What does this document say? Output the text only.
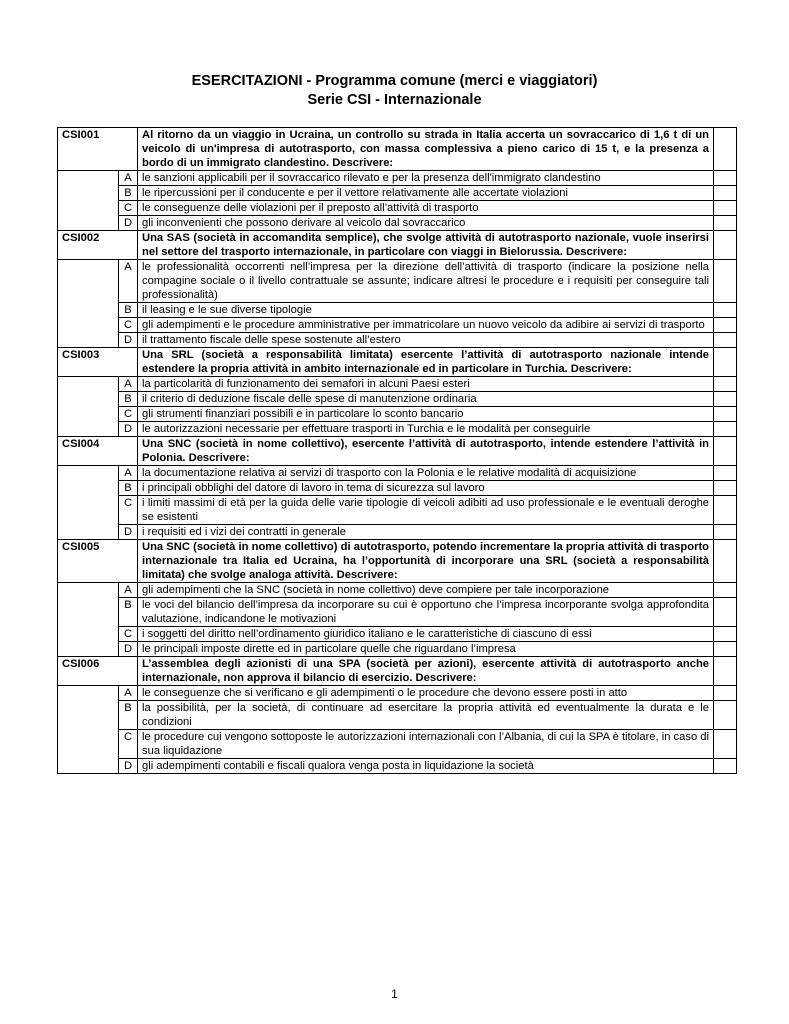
ESERCITAZIONI - Programma comune (merci e viaggiatori)
Serie CSI - Internazionale
CSI001		Al ritorno da un viaggio in Ucraina, un controllo su strada in Italia accerta un sovraccarico di 1,6 t di un veicolo di un'impresa di autotrasporto, con massa complessiva a pieno carico di 15 t, e la presenza a bordo di un immigrato clandestino. Descrivere:	
	A	le sanzioni applicabili per il sovraccarico rilevato e per la presenza dell'immigrato clandestino	
	B	le ripercussioni per il conducente e per il vettore relativamente alle accertate violazioni	
	C	le conseguenze delle violazioni per il preposto all’attività di trasporto	
	D	gli inconvenienti che possono derivare al veicolo dal sovraccarico	
CSI002		Una SAS (società in accomandita semplice), che svolge attività di autotrasporto nazionale, vuole inserirsi nel settore del trasporto internazionale, in particolare con viaggi in Bielorussia. Descrivere:	
	A	le professionalità occorrenti nell’impresa per la direzione dell’attività di trasporto (indicare la posizione nella compagine sociale o il livello contrattuale se assunte; indicare altresì le procedure e i requisiti per conseguire tali professionalità)	
	B	il leasing e le sue diverse tipologie	
	C	gli adempimenti e le procedure amministrative per immatricolare un nuovo veicolo da adibire ai servizi di trasporto	
	D	il trattamento fiscale delle spese sostenute all’estero	
CSI003		Una SRL (società a responsabilità limitata) esercente l’attività di autotrasporto nazionale intende estendere la propria attività in ambito internazionale ed in particolare in Turchia. Descrivere:	
	A	la particolarità di funzionamento dei semafori in alcuni Paesi esteri	
	B	il criterio di deduzione fiscale delle spese di manutenzione ordinaria	
	C	gli strumenti finanziari possibili e in particolare lo sconto bancario	
	D	le autorizzazioni necessarie per effettuare trasporti in Turchia e le modalità per conseguirle	
CSI004		Una SNC (società in nome collettivo), esercente l’attività di autotrasporto, intende estendere l’attività in Polonia. Descrivere:	
	A	la documentazione relativa ai servizi di trasporto con la Polonia e le relative modalità di acquisizione	
	B	i principali obblighi del datore di lavoro in tema di sicurezza sul lavoro	
	C	i limiti massimi di età per la guida delle varie tipologie di veicoli adibiti ad uso professionale e le eventuali deroghe se esistenti	
	D	i requisiti ed i vizi dei contratti in generale	
CSI005		Una SNC (società in nome collettivo) di autotrasporto, potendo incrementare la propria attività di trasporto internazionale tra Italia ed Ucraina, ha l’opportunità di incorporare una SRL (società a responsabilità limitata) che svolge analoga attività. Descrivere:	
	A	gli adempimenti che la SNC (società in nome collettivo) deve compiere per tale incorporazione	
	B	le voci del bilancio dell’impresa da incorporare su cui è opportuno che l’impresa incorporante svolga approfondita valutazione, indicandone le motivazioni	
	C	i soggetti del diritto nell’ordinamento giuridico italiano e le caratteristiche di ciascuno di essi	
	D	le principali imposte dirette ed in particolare quelle che riguardano l’impresa	
CSI006		L’assemblea degli azionisti di una SPA (società per azioni), esercente attività di autotrasporto anche internazionale, non approva il bilancio di esercizio. Descrivere:	
	A	le conseguenze che si verificano e gli adempimenti o le procedure che devono essere posti in atto	
	B	la possibilità, per la società, di continuare ad esercitare la propria attività ed eventualmente la durata e le condizioni	
	C	le procedure cui vengono sottoposte le autorizzazioni internazionali con l’Albania, di cui la SPA è titolare, in caso di sua liquidazione	
	D	gli adempimenti contabili e fiscali qualora venga posta in liquidazione la società	
1
